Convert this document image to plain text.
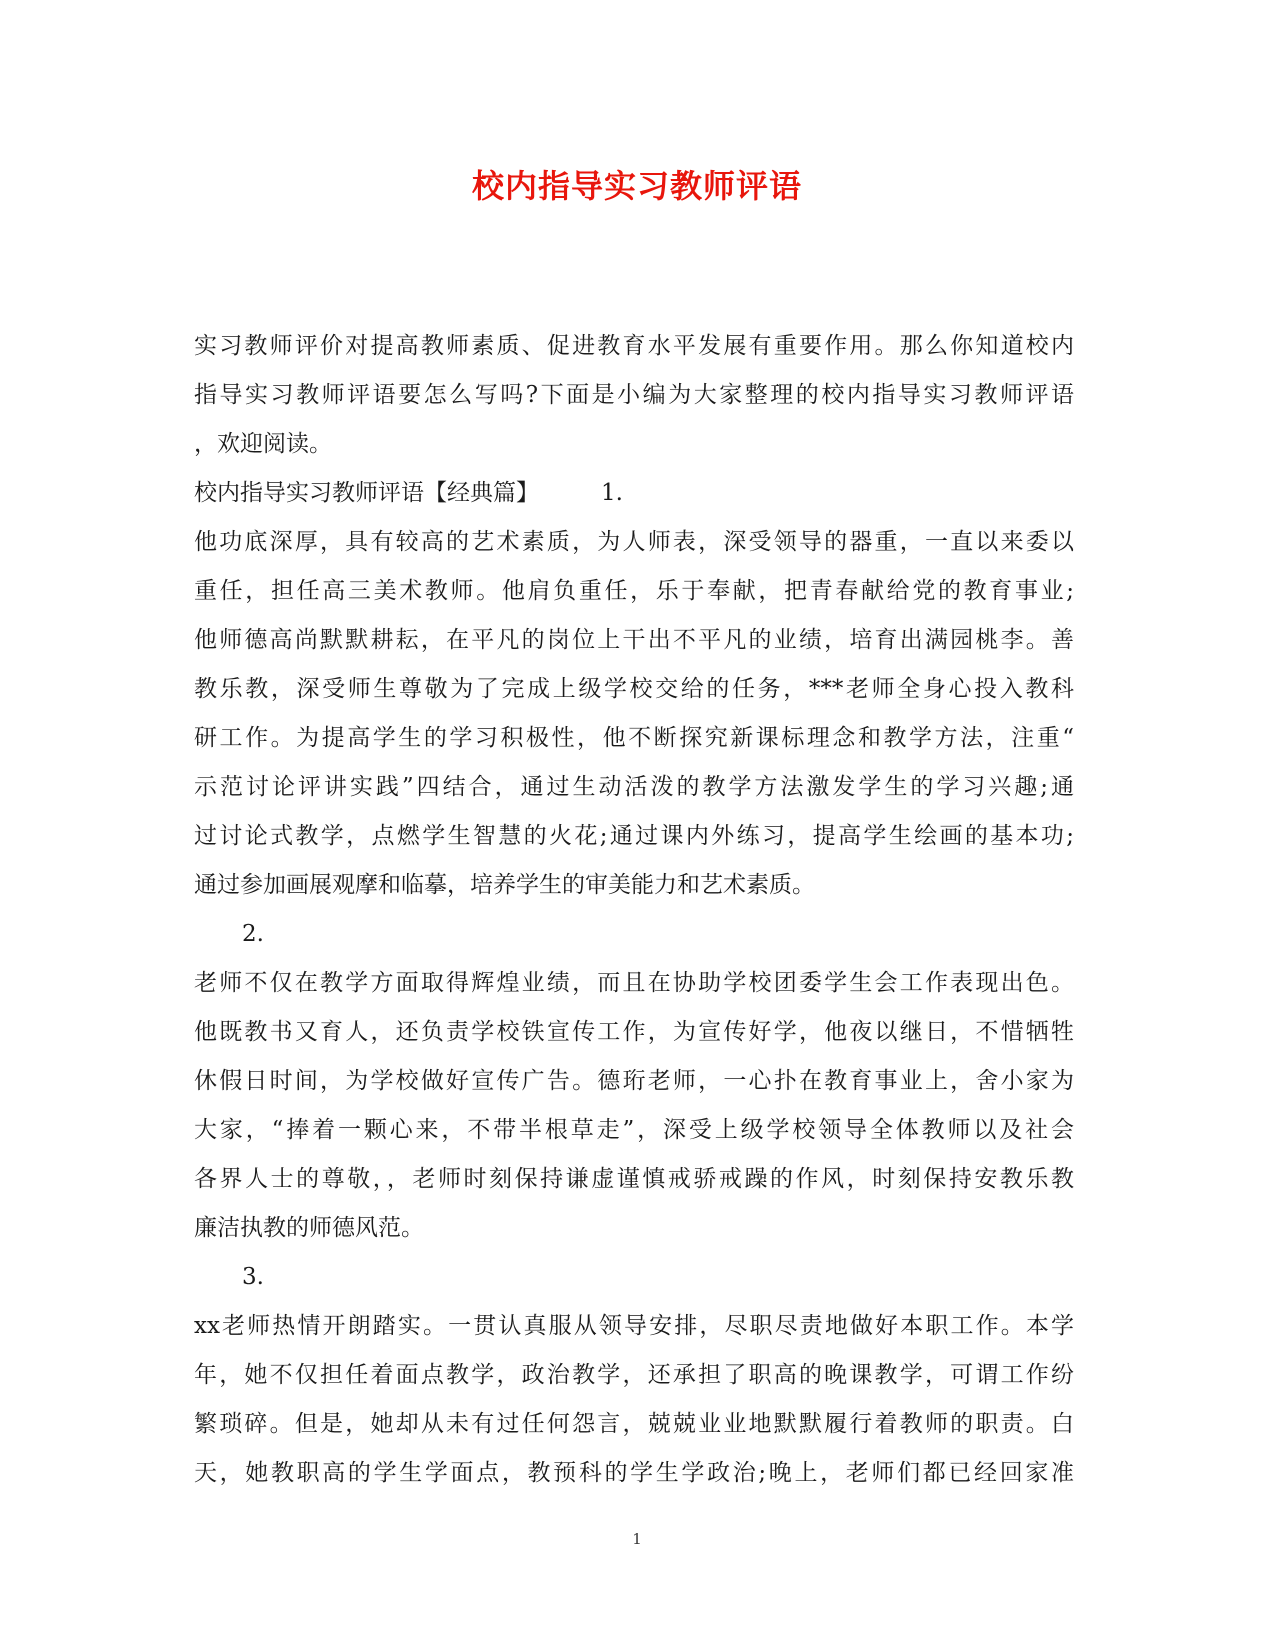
校内指导实习教师评语
实习教师评价对提高教师素质、促进教育水平发展有重要作用。那么你知道校内
指导实习教师评语要怎么写吗?下面是小编为大家整理的校内指导实习教师评语
，欢迎阅读。
校内指导实习教师评语【经典篇】	1.
他功底深厚，具有较高的艺术素质，为人师表，深受领导的器重，一直以来委以
重任，担任高三美术教师。他肩负重任，乐于奉献，把青春献给党的教育事业;
他师德高尚默默耕耘，在平凡的岗位上干出不平凡的业绩，培育出满园桃李。善
教乐教，深受师生尊敬为了完成上级学校交给的任务，***老师全身心投入教科
研工作。为提高学生的学习积极性，他不断探究新课标理念和教学方法，注重“
示范讨论评讲实践”四结合，通过生动活泼的教学方法激发学生的学习兴趣;通
过讨论式教学，点燃学生智慧的火花;通过课内外练习，提高学生绘画的基本功;
通过参加画展观摩和临摹，培养学生的审美能力和艺术素质。
2.
老师不仅在教学方面取得辉煌业绩，而且在协助学校团委学生会工作表现出色。
他既教书又育人，还负责学校铁宣传工作，为宣传好学，他夜以继日，不惜牺牲
休假日时间，为学校做好宣传广告。德珩老师，一心扑在教育事业上，舍小家为
大家，“捧着一颗心来，不带半根草走”，深受上级学校领导全体教师以及社会
各界人士的尊敬，，老师时刻保持谦虚谨慎戒骄戒躁的作风，时刻保持安教乐教
廉洁执教的师德风范。
3.
xx老师热情开朗踏实。一贯认真服从领导安排，尽职尽责地做好本职工作。本学
年，她不仅担任着面点教学，政治教学，还承担了职高的晚课教学，可谓工作纷
繁琐碎。但是，她却从未有过任何怨言，兢兢业业地默默履行着教师的职责。白
天，她教职高的学生学面点，教预科的学生学政治;晚上，老师们都已经回家准
1
